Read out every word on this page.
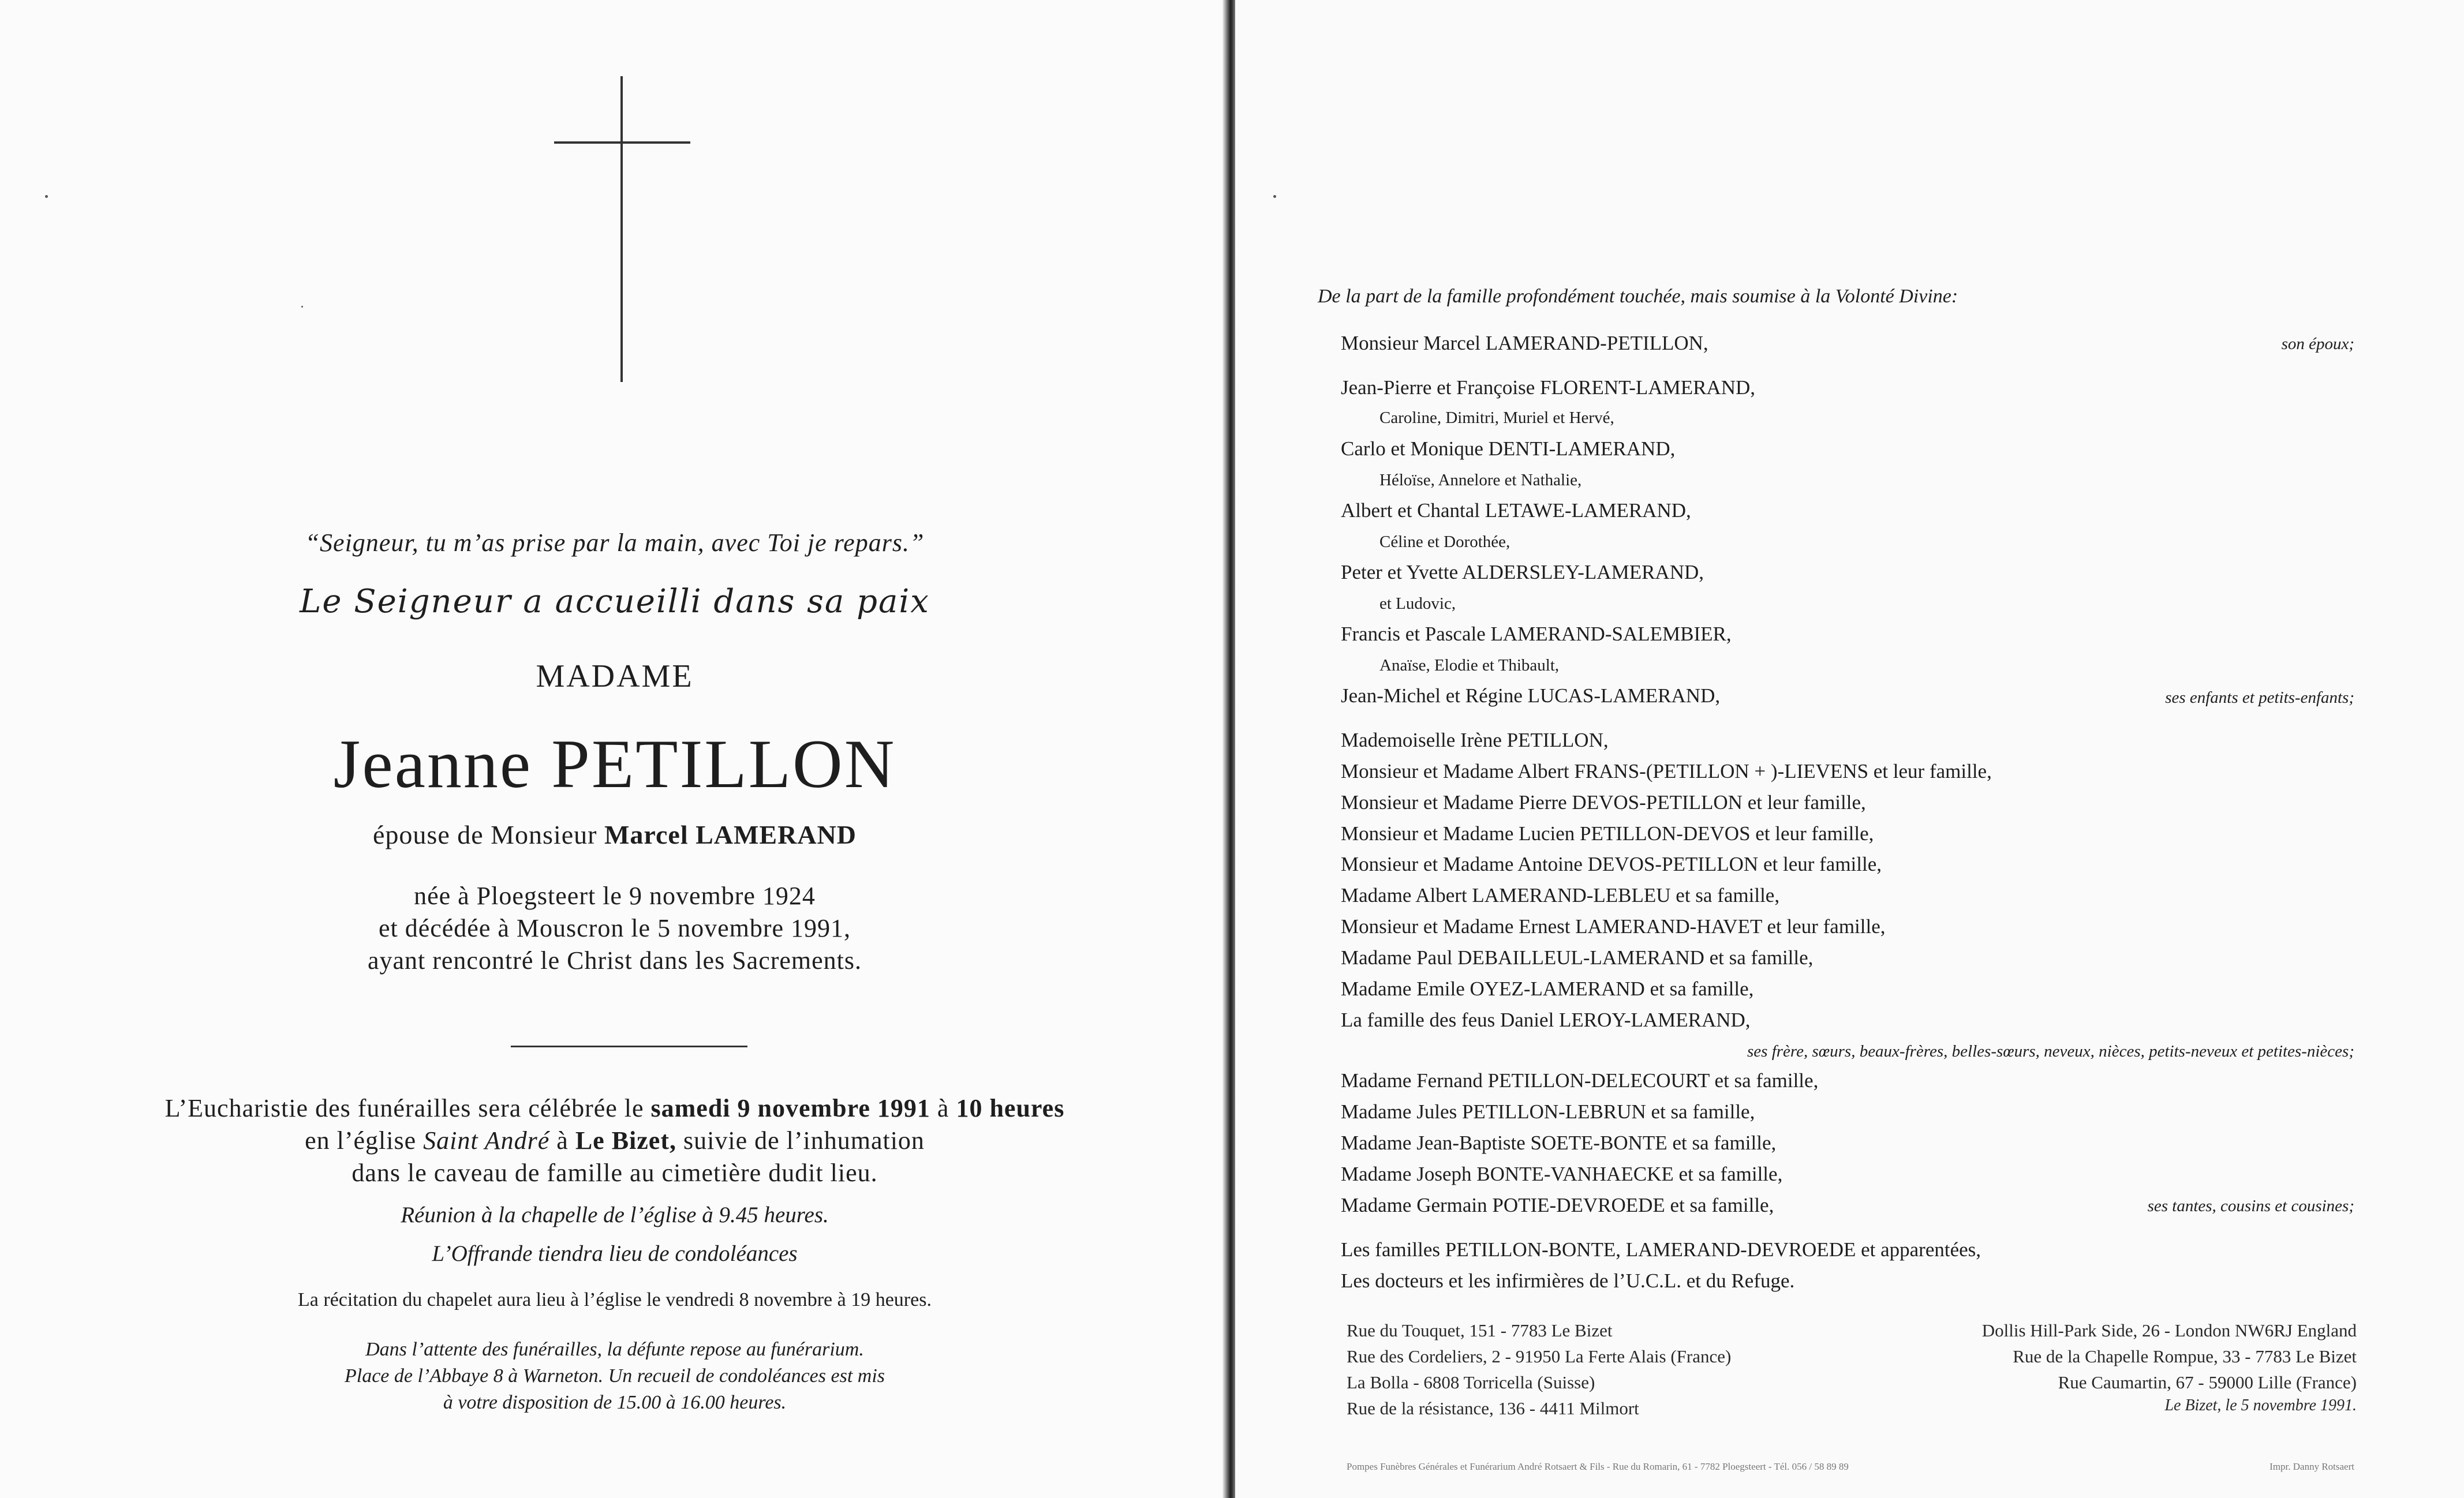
“Seigneur, tu m’as prise par la main, avec Toi je repars.”
Le Seigneur a accueilli dans sa paix
MADAME
Jeanne PETILLON
épouse de Monsieur Marcel LAMERAND
née à Ploegsteert le 9 novembre 1924
et décédée à Mouscron le 5 novembre 1991,
ayant rencontré le Christ dans les Sacrements.
L’Eucharistie des funérailles sera célébrée le samedi 9 novembre 1991 à 10 heures
en l’église Saint André à Le Bizet, suivie de l’inhumation
dans le caveau de famille au cimetière dudit lieu.
Réunion à la chapelle de l’église à 9.45 heures.
L’Offrande tiendra lieu de condoléances
La récitation du chapelet aura lieu à l’église le vendredi 8 novembre à 19 heures.
Dans l’attente des funérailles, la défunte repose au funérarium.
Place de l’Abbaye 8 à Warneton. Un recueil de condoléances est mis
à votre disposition de 15.00 à 16.00 heures.
De la part de la famille profondément touchée, mais soumise à la Volonté Divine:
Monsieur Marcel LAMERAND-PETILLON,	son époux;
Jean-Pierre et Françoise FLORENT-LAMERAND,
Caroline, Dimitri, Muriel et Hervé,
Carlo et Monique DENTI-LAMERAND,
Héloïse, Annelore et Nathalie,
Albert et Chantal LETAWE-LAMERAND,
Céline et Dorothée,
Peter et Yvette ALDERSLEY-LAMERAND,
et Ludovic,
Francis et Pascale LAMERAND-SALEMBIER,
Anaïse, Elodie et Thibault,
Jean-Michel et Régine LUCAS-LAMERAND,	ses enfants et petits-enfants;
Mademoiselle Irène PETILLON,
Monsieur et Madame Albert FRANS-(PETILLON + )-LIEVENS et leur famille,
Monsieur et Madame Pierre DEVOS-PETILLON et leur famille,
Monsieur et Madame Lucien PETILLON-DEVOS et leur famille,
Monsieur et Madame Antoine DEVOS-PETILLON et leur famille,
Madame Albert LAMERAND-LEBLEU et sa famille,
Monsieur et Madame Ernest LAMERAND-HAVET et leur famille,
Madame Paul DEBAILLEUL-LAMERAND et sa famille,
Madame Emile OYEZ-LAMERAND et sa famille,
La famille des feus Daniel LEROY-LAMERAND,
ses frère, sœurs, beaux-frères, belles-sœurs, neveux, nièces, petits-neveux et petites-nièces;
Madame Fernand PETILLON-DELECOURT et sa famille,
Madame Jules PETILLON-LEBRUN et sa famille,
Madame Jean-Baptiste SOETE-BONTE et sa famille,
Madame Joseph BONTE-VANHAECKE et sa famille,
Madame Germain POTIE-DEVROEDE et sa famille,	ses tantes, cousins et cousines;
Les familles PETILLON-BONTE, LAMERAND-DEVROEDE et apparentées,
Les docteurs et les infirmières de l’U.C.L. et du Refuge.
Rue du Touquet, 151 - 7783 Le Bizet
Rue des Cordeliers, 2 - 91950 La Ferte Alais (France)
La Bolla - 6808 Torricella (Suisse)
Rue de la résistance, 136 - 4411 Milmort
Dollis Hill-Park Side, 26 - London NW6RJ England
Rue de la Chapelle Rompue, 33 - 7783 Le Bizet
Rue Caumartin, 67 - 59000 Lille (France)
Le Bizet, le 5 novembre 1991.
Pompes Funèbres Générales et Funérarium André Rotsaert & Fils - Rue du Romarin, 61 - 7782 Ploegsteert - Tél. 056 / 58 89 89	Impr. Danny Rotsaert
